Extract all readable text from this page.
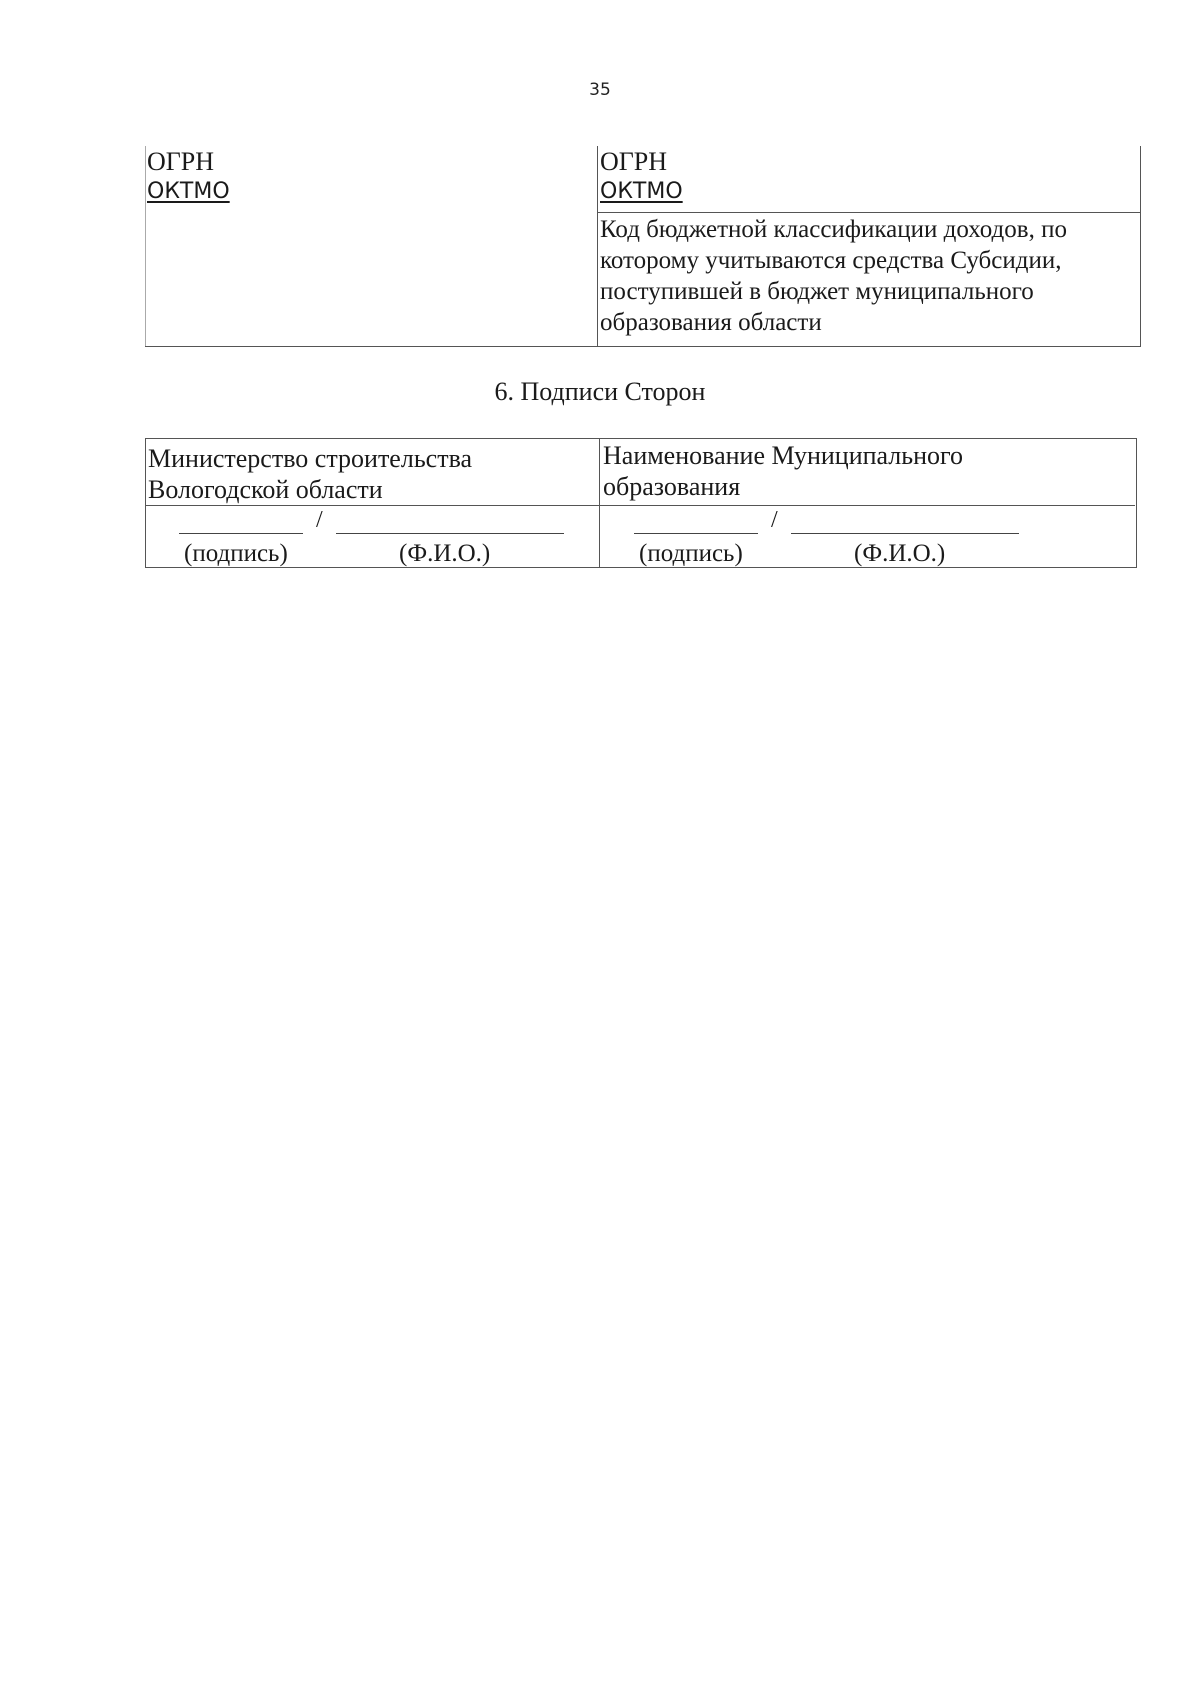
35
ОГРН
ОКТМО
ОГРН
ОКТМО
Код бюджетной классификации доходов, по
которому учитываются средства Субсидии,
поступившей в бюджет муниципального
образования области
6. Подписи Сторон
Министерство строительства
Вологодской области
Наименование Муниципального
образования
/
(подпись)	(Ф.И.О.)
/
(подпись)	(Ф.И.О.)
